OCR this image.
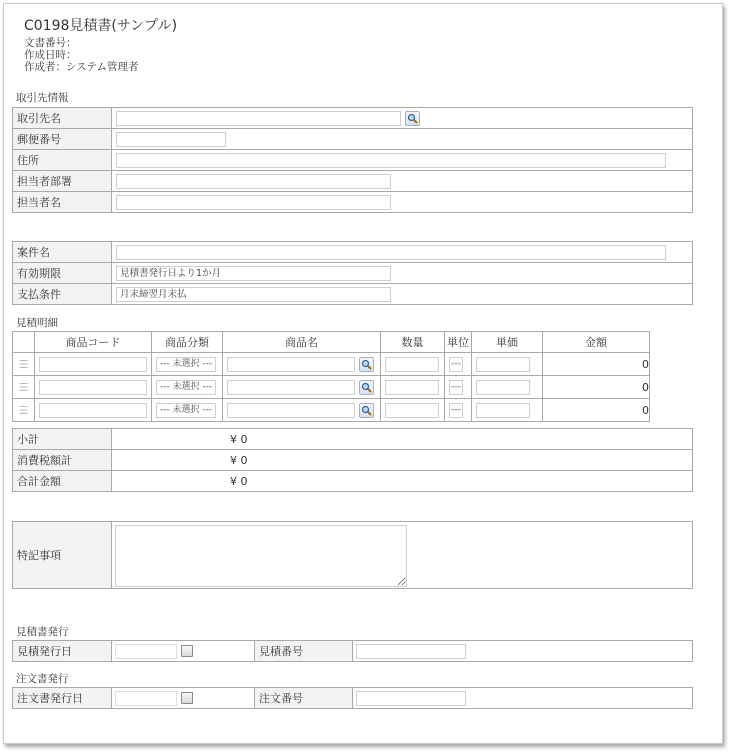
C0198見積書(サンプル)
文書番号：
作成日時：
作成者：システム管理者
取引先情報
取引先名	

郵便番号	
住所	
担当者部署	
担当者名	
案件名	
有効期限	見積書発行日より1か月
支払条件	月末締翌月末払
見積明細
	商品コード	商品分類	商品名	数量	単位	単価	金額
☰		--- 未選択 ---			---		0
☰		--- 未選択 ---			---		0
☰		--- 未選択 ---			---		0
小計	¥ 0
消費税額計	¥ 0
合計金額	¥ 0
特記事項	
見積書発行
見積発行日		見積番号	
注文書発行
注文書発行日		注文番号	
